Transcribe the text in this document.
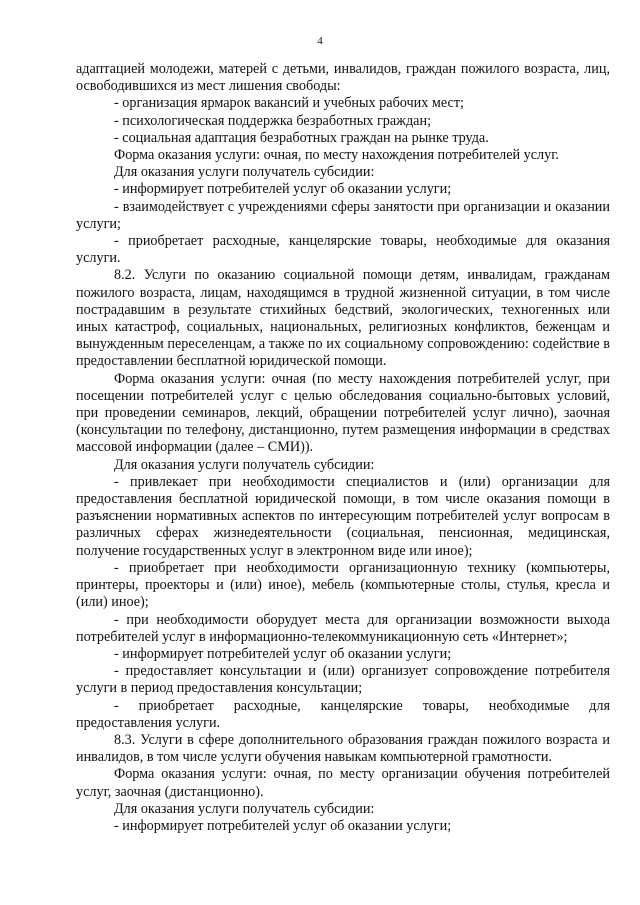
4

адаптацией молодежи, матерей с детьми, инвалидов, граждан пожилого возраста, лиц, освободившихся из мест лишения свободы:

- организация ярмарок вакансий и учебных рабочих мест;

- психологическая поддержка безработных граждан;

- социальная адаптация безработных граждан на рынке труда.

Форма оказания услуги: очная, по месту нахождения потребителей услуг.

Для оказания услуги получатель субсидии:

- информирует потребителей услуг об оказании услуги;

- взаимодействует с учреждениями сферы занятости при организации и оказании услуги;

- приобретает расходные, канцелярские товары, необходимые для оказания услуги.

8.2. Услуги по оказанию социальной помощи детям, инвалидам, гражданам пожилого возраста, лицам, находящимся в трудной жизненной ситуации, в том числе пострадавшим в результате стихийных бедствий, экологических, техногенных или иных катастроф, социальных, национальных, религиозных конфликтов, беженцам и вынужденным переселенцам, а также по их социальному сопровождению: содействие в предоставлении бесплатной юридической помощи.

Форма оказания услуги: очная (по месту нахождения потребителей услуг, при посещении потребителей услуг с целью обследования социально-бытовых условий, при проведении семинаров, лекций, обращении потребителей услуг лично), заочная (консультации по телефону, дистанционно, путем размещения информации в средствах массовой информации (далее – СМИ)).

Для оказания услуги получатель субсидии:

- привлекает при необходимости специалистов и (или) организации для предоставления бесплатной юридической помощи, в том числе оказания помощи в разъяснении нормативных аспектов по интересующим потребителей услуг вопросам в различных сферах жизнедеятельности (социальная, пенсионная, медицинская, получение государственных услуг в электронном виде или иное);

- приобретает при необходимости организационную технику (компьютеры, принтеры, проекторы и (или) иное), мебель (компьютерные столы, стулья, кресла и (или) иное);

- при необходимости оборудует места для организации возможности выхода потребителей услуг в информационно-телекоммуникационную сеть «Интернет»;

- информирует потребителей услуг об оказании услуги;

- предоставляет консультации и (или) организует сопровождение потребителя услуги в период предоставления консультации;

- приобретает расходные, канцелярские товары, необходимые для предоставления услуги.

8.3. Услуги в сфере дополнительного образования граждан пожилого возраста и инвалидов, в том числе услуги обучения навыкам компьютерной грамотности.

Форма оказания услуги: очная, по месту организации обучения потребителей услуг, заочная (дистанционно).

Для оказания услуги получатель субсидии:

- информирует потребителей услуг об оказании услуги;
